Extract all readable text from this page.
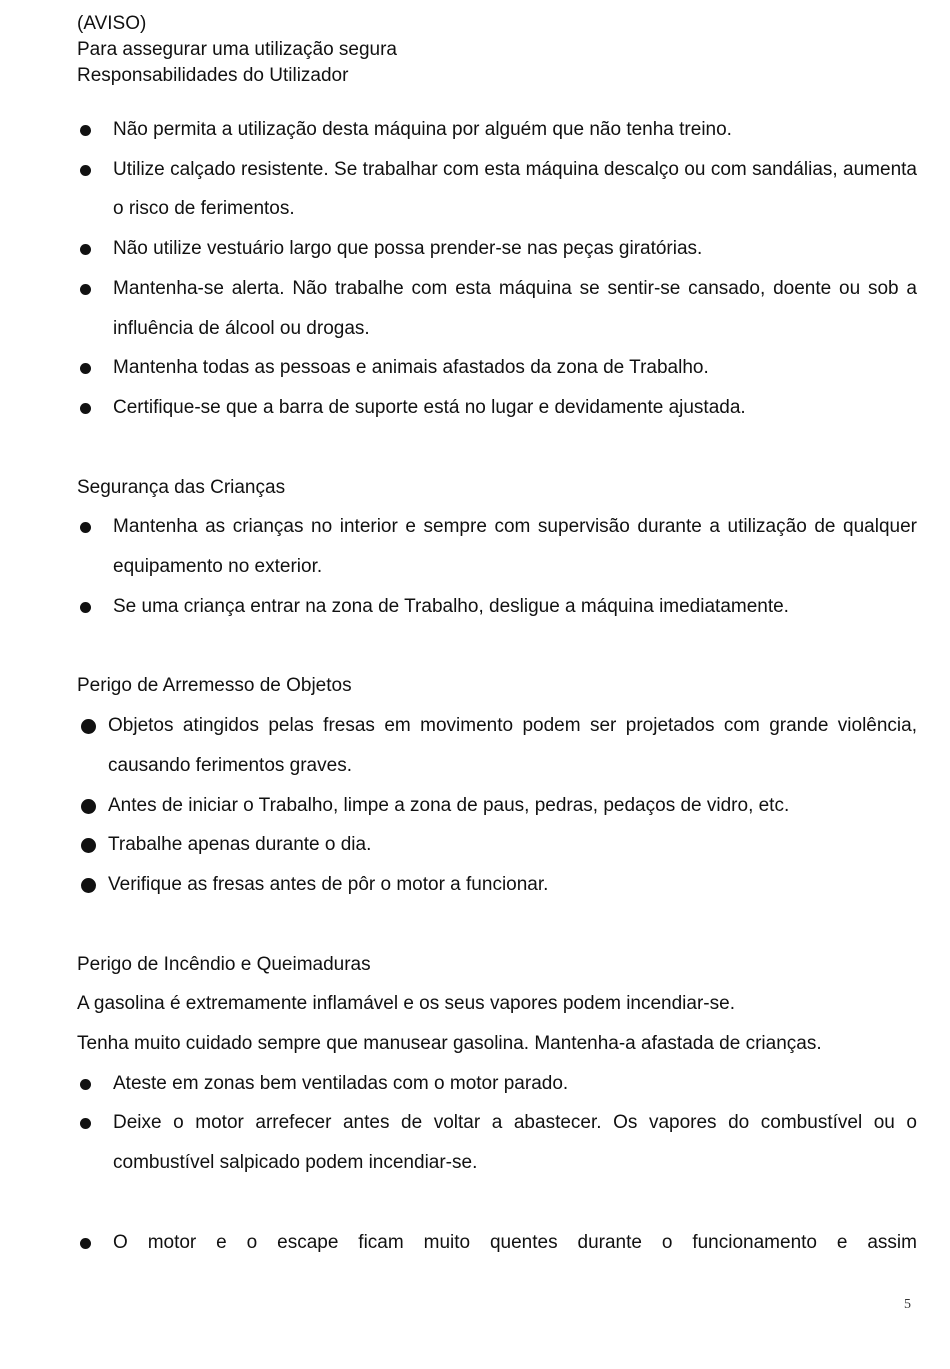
(AVISO)

Para assegurar uma utilização segura

Responsabilidades do Utilizador

Não permita a utilização desta máquina por alguém que não tenha treino.
Utilize calçado resistente. Se trabalhar com esta máquina descalço ou com sandálias, aumenta o risco de ferimentos.
Não utilize vestuário largo que possa prender-se nas peças giratórias.
Mantenha-se alerta. Não trabalhe com esta máquina se sentir-se cansado, doente ou sob a influência de álcool ou drogas.
Mantenha todas as pessoas e animais afastados da zona de Trabalho.
Certifique-se que a barra de suporte está no lugar e devidamente ajustada.

Segurança das Crianças

Mantenha as crianças no interior e sempre com supervisão durante a utilização de qualquer equipamento no exterior.
Se uma criança entrar na zona de Trabalho, desligue a máquina imediatamente.

Perigo de Arremesso de Objetos

Objetos atingidos pelas fresas em movimento podem ser projetados com grande violência, causando ferimentos graves.
Antes de iniciar o Trabalho, limpe a zona de paus, pedras, pedaços de vidro, etc.
Trabalhe apenas durante o dia.
Verifique as fresas antes de pôr o motor a funcionar.

Perigo de Incêndio e Queimaduras

A gasolina é extremamente inflamável e os seus vapores podem incendiar-se.

Tenha muito cuidado sempre que manusear gasolina. Mantenha-a afastada de crianças.

Ateste em zonas bem ventiladas com o motor parado.
Deixe o motor arrefecer antes de voltar a abastecer. Os vapores do combustível ou o combustível salpicado podem incendiar-se.
O motor e o escape ficam muito quentes durante o funcionamento e assim
5
